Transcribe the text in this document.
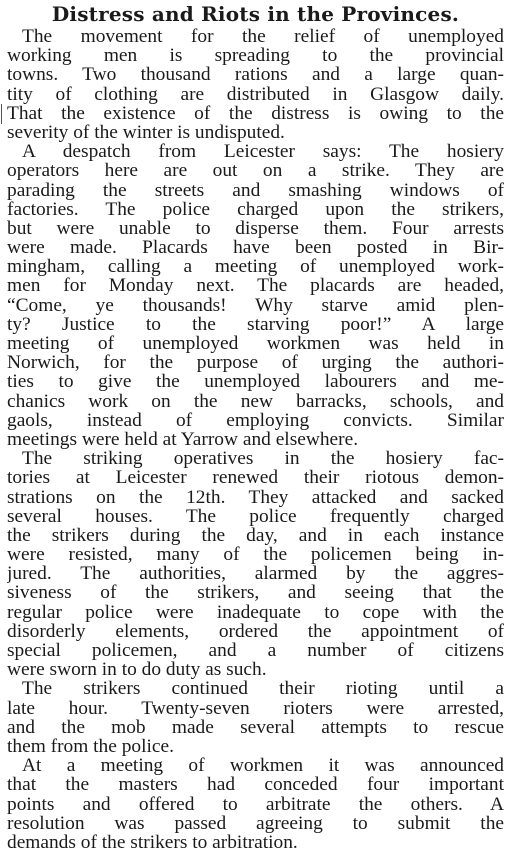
Distress and Riots in the Provinces.
The movement for the relief of unemployed
working men is spreading to the provincial
towns. Two thousand rations and a large quan-
tity of clothing are distributed in Glasgow daily.
That the existence of the distress is owing to the
severity of the winter is undisputed.
A despatch from Leicester says: The hosiery
operators here are out on a strike. They are
parading the streets and smashing windows of
factories. The police charged upon the strikers,
but were unable to disperse them. Four arrests
were made. Placards have been posted in Bir-
mingham, calling a meeting of unemployed work-
men for Monday next. The placards are headed,
“Come, ye thousands! Why starve amid plen-
ty? Justice to the starving poor!” A large
meeting of unemployed workmen was held in
Norwich, for the purpose of urging the authori-
ties to give the unemployed labourers and me-
chanics work on the new barracks, schools, and
gaols, instead of employing convicts. Similar
meetings were held at Yarrow and elsewhere.
The striking operatives in the hosiery fac-
tories at Leicester renewed their riotous demon-
strations on the 12th. They attacked and sacked
several houses. The police frequently charged
the strikers during the day, and in each instance
were resisted, many of the policemen being in-
jured. The authorities, alarmed by the aggres-
siveness of the strikers, and seeing that the
regular police were inadequate to cope with the
disorderly elements, ordered the appointment of
special policemen, and a number of citizens
were sworn in to do duty as such.
The strikers continued their rioting until a
late hour. Twenty-seven rioters were arrested,
and the mob made several attempts to rescue
them from the police.
At a meeting of workmen it was announced
that the masters had conceded four important
points and offered to arbitrate the others. A
resolution was passed agreeing to submit the
demands of the strikers to arbitration.
